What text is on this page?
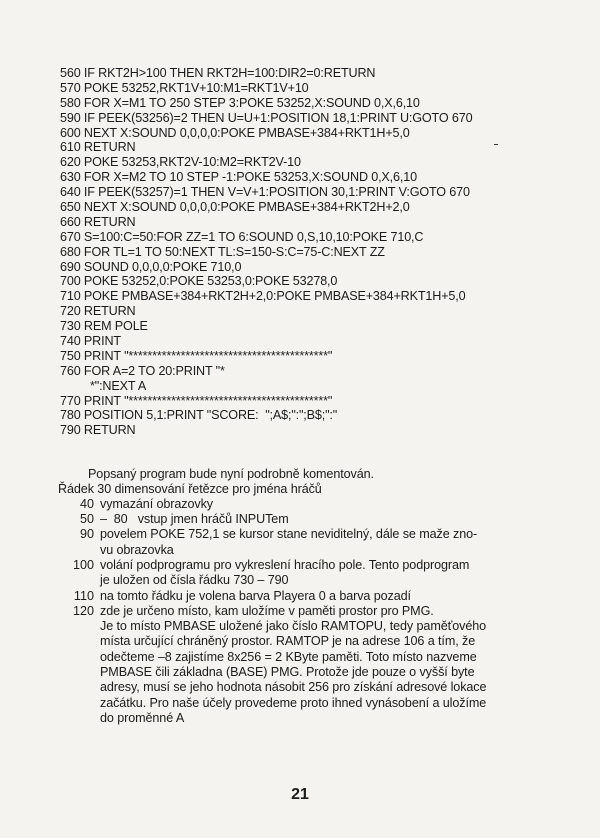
560 IF RKT2H>100 THEN RKT2H=100:DIR2=0:RETURN
570 POKE 53252,RKT1V+10:M1=RKT1V+10
580 FOR X=M1 TO 250 STEP 3:POKE 53252,X:SOUND 0,X,6,10
590 IF PEEK(53256)=2 THEN U=U+1:POSITION 18,1:PRINT U:GOTO 670
600 NEXT X:SOUND 0,0,0,0:POKE PMBASE+384+RKT1H+5,0
610 RETURN
620 POKE 53253,RKT2V-10:M2=RKT2V-10
630 FOR X=M2 TO 10 STEP -1:POKE 53253,X:SOUND 0,X,6,10
640 IF PEEK(53257)=1 THEN V=V+1:POSITION 30,1:PRINT V:GOTO 670
650 NEXT X:SOUND 0,0,0,0:POKE PMBASE+384+RKT2H+2,0
660 RETURN
670 S=100:C=50:FOR ZZ=1 TO 6:SOUND 0,S,10,10:POKE 710,C
680 FOR TL=1 TO 50:NEXT TL:S=150-S:C=75-C:NEXT ZZ
690 SOUND 0,0,0,0:POKE 710,0
700 POKE 53252,0:POKE 53253,0:POKE 53278,0
710 POKE PMBASE+384+RKT2H+2,0:POKE PMBASE+384+RKT1H+5,0
720 RETURN
730 REM POLE
740 PRINT
750 PRINT "******************************************"
760 FOR A=2 TO 20:PRINT "*
*":NEXT A
770 PRINT "******************************************"
780 POSITION 5,1:PRINT "SCORE:  ";A$;":";B$;":"
790 RETURN
Popsaný program bude nyní podrobně komentován.
Řádek 30 dimensování řetězce pro jména hráčů
40 vymazání obrazovky
50 –  80   vstup jmen hráčů INPUTem
90 povelem POKE 752,1 se kursor stane neviditelný, dále se maže zno-
vu obrazovka
100 volání podprogramu pro vykreslení hracího pole. Tento podprogram
je uložen od čísla řádku 730 – 790
110 na tomto řádku je volena barva Playera 0 a barva pozadí
120 zde je určeno místo, kam uložíme v paměti prostor pro PMG.
Je to místo PMBASE uložené jako číslo RAMTOPU, tedy paměťového
místa určující chráněný prostor. RAMTOP je na adrese 106 a tím, že
odečteme –8 zajistíme 8x256 = 2 KByte paměti. Toto místo nazveme
PMBASE čili základna (BASE) PMG. Protože jde pouze o vyšší byte
adresy, musí se jeho hodnota násobit 256 pro získání adresové lokace
začátku. Pro naše účely provedeme proto ihned vynásobení a uložíme
do proměnné A
21
